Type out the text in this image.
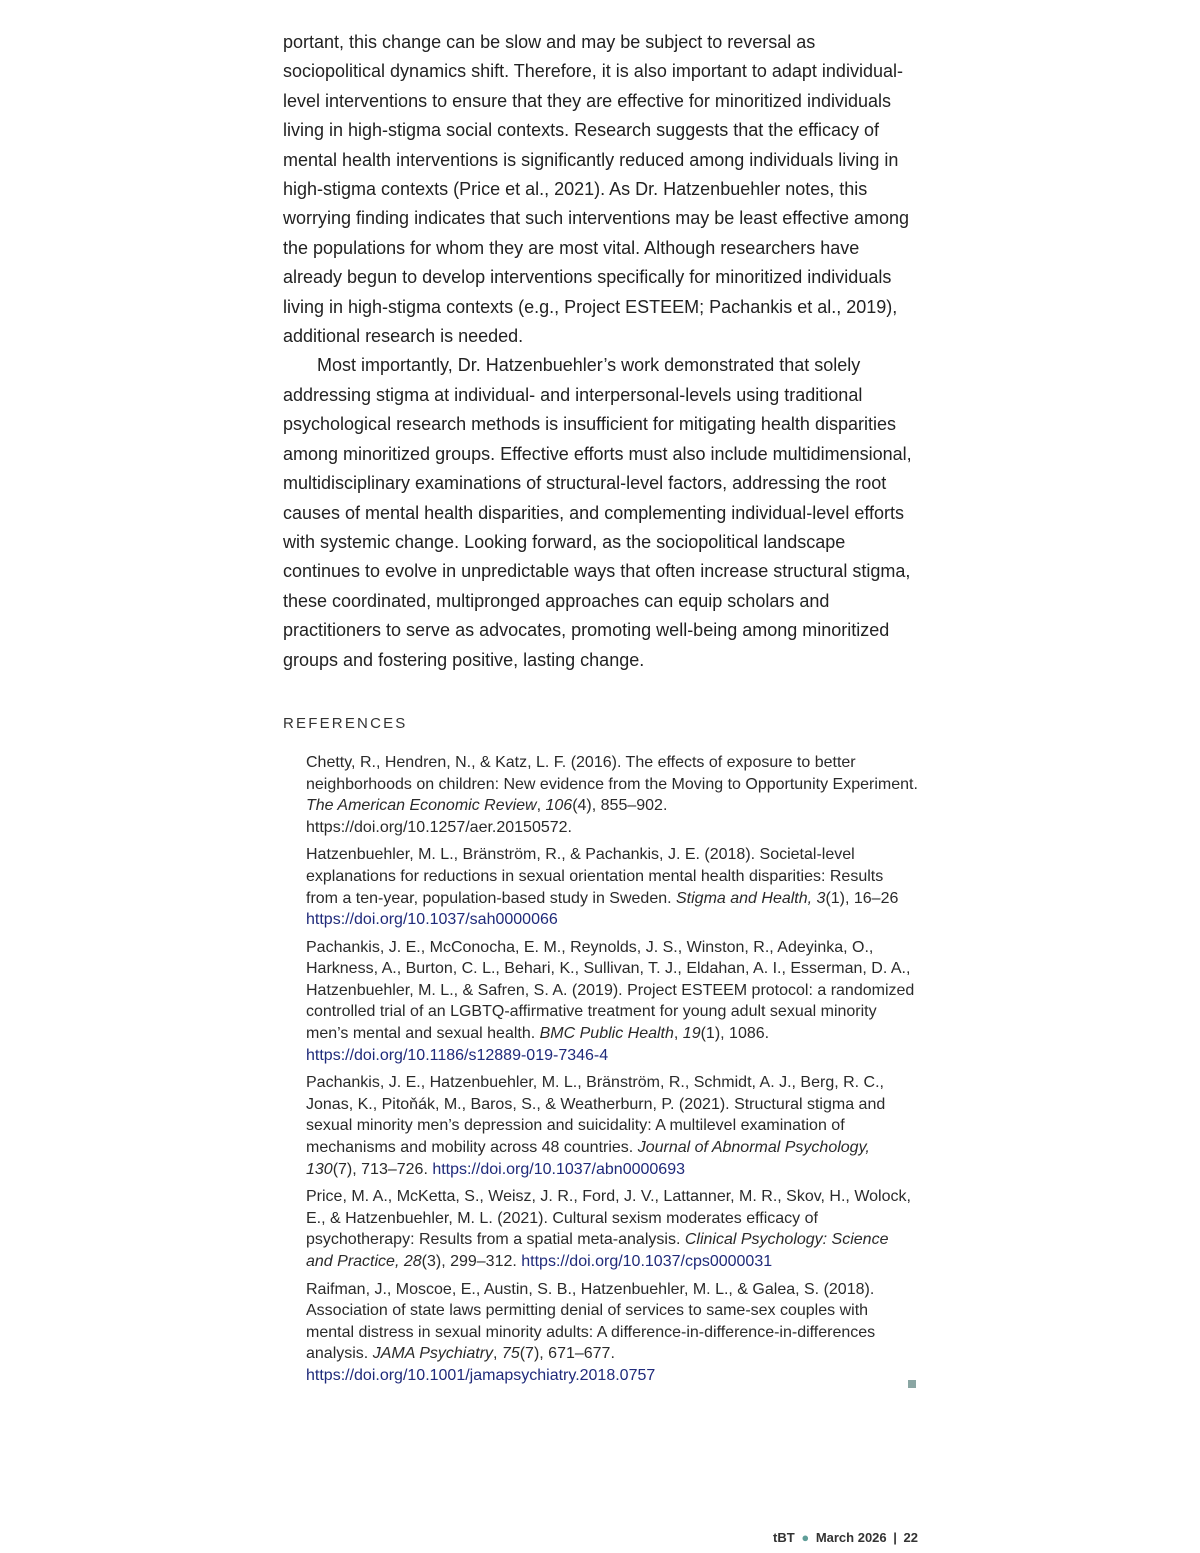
portant, this change can be slow and may be subject to reversal as sociopolitical dynamics shift. Therefore, it is also important to adapt individual-level interventions to ensure that they are effective for minoritized individuals living in high-stigma social contexts. Research suggests that the efficacy of mental health interventions is significantly reduced among individuals living in high-stigma contexts (Price et al., 2021). As Dr. Hatzenbuehler notes, this worrying finding indicates that such interventions may be least effective among the populations for whom they are most vital. Although researchers have already begun to develop interventions specifically for minoritized individuals living in high-stigma contexts (e.g., Project ESTEEM; Pachankis et al., 2019), additional research is needed.

Most importantly, Dr. Hatzenbuehler’s work demonstrated that solely addressing stigma at individual- and interpersonal-levels using traditional psychological research methods is insufficient for mitigating health disparities among minoritized groups. Effective efforts must also include multidimensional, multidisciplinary examinations of structural-level factors, addressing the root causes of mental health disparities, and complementing individual-level efforts with systemic change. Looking forward, as the sociopolitical landscape continues to evolve in unpredictable ways that often increase structural stigma, these coordinated, multipronged approaches can equip scholars and practitioners to serve as advocates, promoting well-being among minoritized groups and fostering positive, lasting change.

REFERENCES
Chetty, R., Hendren, N., & Katz, L. F. (2016). The effects of exposure to better neighborhoods on children: New evidence from the Moving to Opportunity Experiment. The American Economic Review, 106(4), 855–902. https://doi.org/10.1257/aer.20150572.
Hatzenbuehler, M. L., Bränström, R., & Pachankis, J. E. (2018). Societal-level explanations for reductions in sexual orientation mental health disparities: Results from a ten-year, population-based study in Sweden. Stigma and Health, 3(1), 16–26 https://doi.org/10.1037/sah0000066
Pachankis, J. E., McConocha, E. M., Reynolds, J. S., Winston, R., Adeyinka, O., Harkness, A., Burton, C. L., Behari, K., Sullivan, T. J., Eldahan, A. I., Esserman, D. A., Hatzenbuehler, M. L., & Safren, S. A. (2019). Project ESTEEM protocol: a randomized controlled trial of an LGBTQ-affirmative treatment for young adult sexual minority men’s mental and sexual health. BMC Public Health, 19(1), 1086. https://doi.org/10.1186/s12889-019-7346-4
Pachankis, J. E., Hatzenbuehler, M. L., Bränström, R., Schmidt, A. J., Berg, R. C., Jonas, K., Pitoňák, M., Baros, S., & Weatherburn, P. (2021). Structural stigma and sexual minority men’s depression and suicidality: A multilevel examination of mechanisms and mobility across 48 countries. Journal of Abnormal Psychology, 130(7), 713–726. https://doi.org/10.1037/abn0000693
Price, M. A., McKetta, S., Weisz, J. R., Ford, J. V., Lattanner, M. R., Skov, H., Wolock, E., & Hatzenbuehler, M. L. (2021). Cultural sexism moderates efficacy of psychotherapy: Results from a spatial meta-analysis. Clinical Psychology: Science and Practice, 28(3), 299–312. https://doi.org/10.1037/cps0000031
Raifman, J., Moscoe, E., Austin, S. B., Hatzenbuehler, M. L., & Galea, S. (2018). Association of state laws permitting denial of services to same-sex couples with mental distress in sexual minority adults: A difference-in-difference-in-differences analysis. JAMA Psychiatry, 75(7), 671–677. https://doi.org/10.1001/jamapsychiatry.2018.0757
tBT ● March 2026 | 22
